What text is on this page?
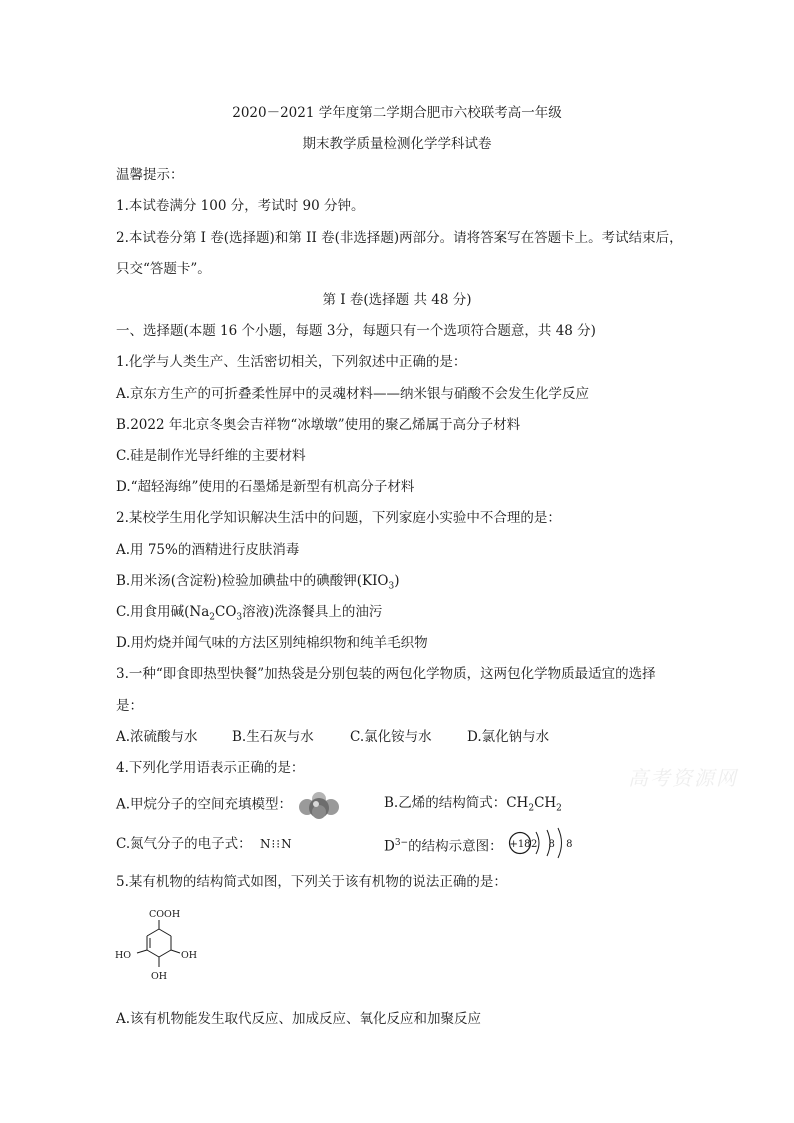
2020－2021 学年度第二学期合肥市六校联考高一年级
期末教学质量检测化学学科试卷
温馨提示：
1.本试卷满分 100 分，考试时 90 分钟。
2.本试卷分第 I 卷(选择题)和第 II 卷(非选择题)两部分。请将答案写在答题卡上。考试结束后，
只交“答题卡”。
第 I 卷(选择题 共 48 分)
一、选择题(本题 16 个小题，每题 3分，每题只有一个选项符合题意，共 48 分)
1.化学与人类生产、生活密切相关，下列叙述中正确的是：
A.京东方生产的可折叠柔性屏中的灵魂材料——纳米银与硝酸不会发生化学反应
B.2022 年北京冬奥会吉祥物“冰墩墩”使用的聚乙烯属于高分子材料
C.硅是制作光导纤维的主要材料
D.“超轻海绵”使用的石墨烯是新型有机高分子材料
2.某校学生用化学知识解决生活中的问题，下列家庭小实验中不合理的是：
A.用 75%的酒精进行皮肤消毒
B.用米汤(含淀粉)检验加碘盐中的碘酸钾$(KIO_3)$
C.用食用碱($Na_2CO_3$溶液)洗涤餐具上的油污
D.用灼烧并闻气味的方法区别纯棉织物和纯羊毛织物
3.一种“即食即热型快餐”加热袋是分别包装的两包化学物质，这两包化学物质最适宜的选择
是：
A.浓硫酸与水	B.生石灰与水	C.氯化铵与水	D.氯化钠与水
4.下列化学用语表示正确的是：
A.甲烷分子的空间充填模型：	B.乙烯的结构简式：$CH_2CH_2$
C.氮气分子的电子式： N⁝⁝N	$D^{3-}$的结构示意图： +18 2 8 8
5.某有机物的结构简式如图，下列关于该有机物的说法正确的是：
COOH
HO	OH
OH
A.该有机物能发生取代反应、加成反应、氧化反应和加聚反应
高考资源网
